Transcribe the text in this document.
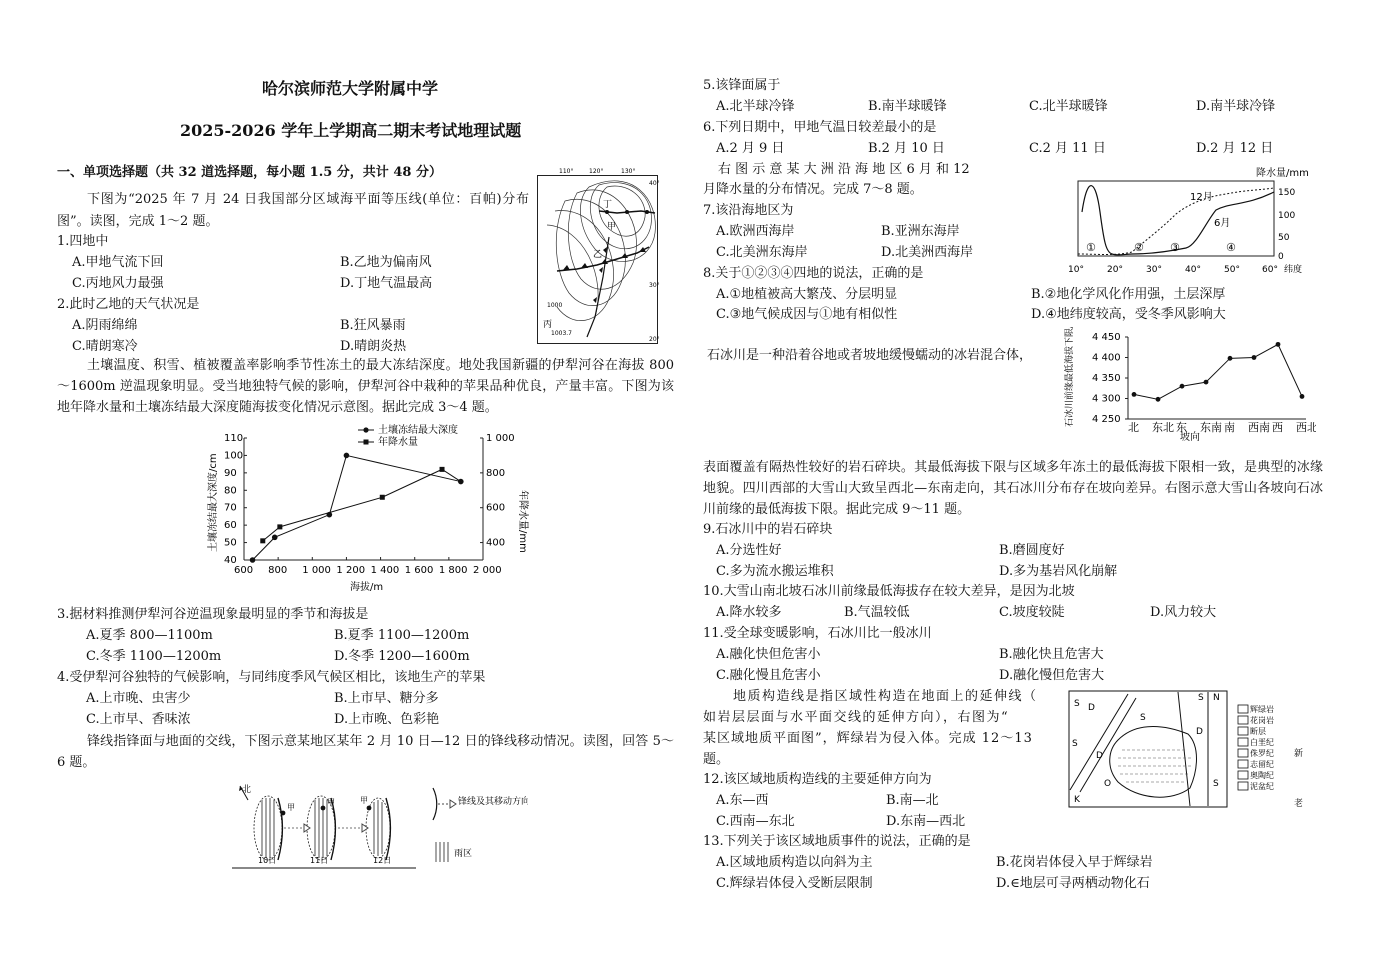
哈尔滨师范大学附属中学
2025-2026 学年上学期高二期末考试地理试题
一、单项选择题（共 32 道选择题，每小题 1.5 分，共计 48 分）
下图为“2025 年 7 月 24 日我国部分区域海平面等压线(单位：百帕)分布图”。读图，完成 1～2 题。
110°	120°	130°
丁
甲
乙
丙
1000
1003.7
30°
20°
40°
1.四地中
A.甲地气流下回	B.乙地为偏南风
C.丙地风力最强	D.丁地气温最高
2.此时乙地的天气状况是
A.阴雨绵绵	B.狂风暴雨
C.晴朗寒冷	D.晴朗炎热
土壤温度、积雪、植被覆盖率影响季节性冻土的最大冻结深度。地处我国新疆的伊犁河谷在海拔 800～1600m 逆温现象明显。受当地独特气候的影响，伊犁河谷中栽种的苹果品种优良，产量丰富。下图为该地年降水量和土壤冻结最大深度随海拔变化情况示意图。据此完成 3～4 题。
土壤冻结最大深度/cm	年降水量/mm
海拔/m
600 800 1 000 1 200 1 400 1 600 1 800 2 000
40
50
60
70
80
90
100
110
400
600
800
1 000
土壤冻结最大深度
年降水量
3.据材料推测伊犁河谷逆温现象最明显的季节和海拔是
A.夏季 800—1100m	B.夏季 1100—1200m
C.冬季 1100—1200m	D.冬季 1200—1600m
4.受伊犁河谷独特的气候影响，与同纬度季风气候区相比，该地生产的苹果
A.上市晚、虫害少	B.上市早、糖分多
C.上市早、香味浓	D.上市晚、色彩艳
锋线指锋面与地面的交线，下图示意某地区某年 2 月 10 日—12 日的锋线移动情况。读图，回答 5～6 题。
北
甲
甲	甲
10日	11日	12日
锋线及其移动方向
雨区
5.该锋面属于
A.北半球冷锋	B.南半球暖锋	C.北半球暖锋	D.南半球冷锋
6.下列日期中，甲地气温日较差最小的是
A.2 月 9 日	B.2 月 10 日	C.2 月 11 日	D.2 月 12 日
右 图 示 意 某 大 洲 沿 海 地 区 6 月 和 12
月降水量的分布情况。完成 7～8 题。
降水量/mm
150
100
50
0
12月
6月
①	② ③	④
10°	20°	30°	40°	50° 60° 纬度
7.该沿海地区为
A.欧洲西海岸	B.亚洲东海岸
C.北美洲东海岸	D.北美洲西海岸
8.关于①②③④四地的说法，正确的是
A.①地植被高大繁茂、分层明显	B.②地化学风化作用强，土层深厚
C.③地气候成因与①地有相似性	D.④地纬度较高，受冬季风影响大
石冰川是一种沿着谷地或者坡地缓慢蠕动的冰岩混合体，	石冰川前缘最低海拔下限/m 4 450
4 400
4 350
4 300
4 250
北 东北 东 东南 南 西南 西 西北
坡向
表面覆盖有隔热性较好的岩石碎块。其最低海拔下限与区域多年冻土的最低海拔下限相一致，是典型的冰缘地貌。四川西部的大雪山大致呈西北—东南走向，其石冰川分布存在坡向差异。右图示意大雪山各坡向石冰川前缘的最低海拔下限。据此完成 9～11 题。
9.石冰川中的岩石碎块
A.分选性好	B.磨圆度好
C.多为流水搬运堆积	D.多为基岩风化崩解
10.大雪山南北坡石冰川前缘最低海拔存在较大差异，是因为北坡
A.降水较多	B.气温较低	C.坡度较陡	D.风力较大
11.受全球变暖影响，石冰川比一般冰川
A.融化快但危害小	B.融化快且危害大
C.融化慢且危害小	D.融化慢但危害大
地质构造线是指区域性构造在地面上的延伸线（
如岩层层面与水平面交线的延伸方向），右图为“
某区域地质平面图”，辉绿岩为侵入体。完成 12～13
题。
S D
S
S
D
D
N
S
S
K
O
辉绿岩
花岗岩
断层
白垩纪
侏罗纪
志留纪
奥陶纪
泥盆纪
新
老
12.该区域地质构造线的主要延伸方向为
A.东—西	B.南—北
C.西南—东北	D.东南—西北
13.下列关于该区域地质事件的说法，正确的是
A.区域地质构造以向斜为主	B.花岗岩体侵入早于辉绿岩
C.辉绿岩体侵入受断层限制	D.∈地层可寻两栖动物化石
